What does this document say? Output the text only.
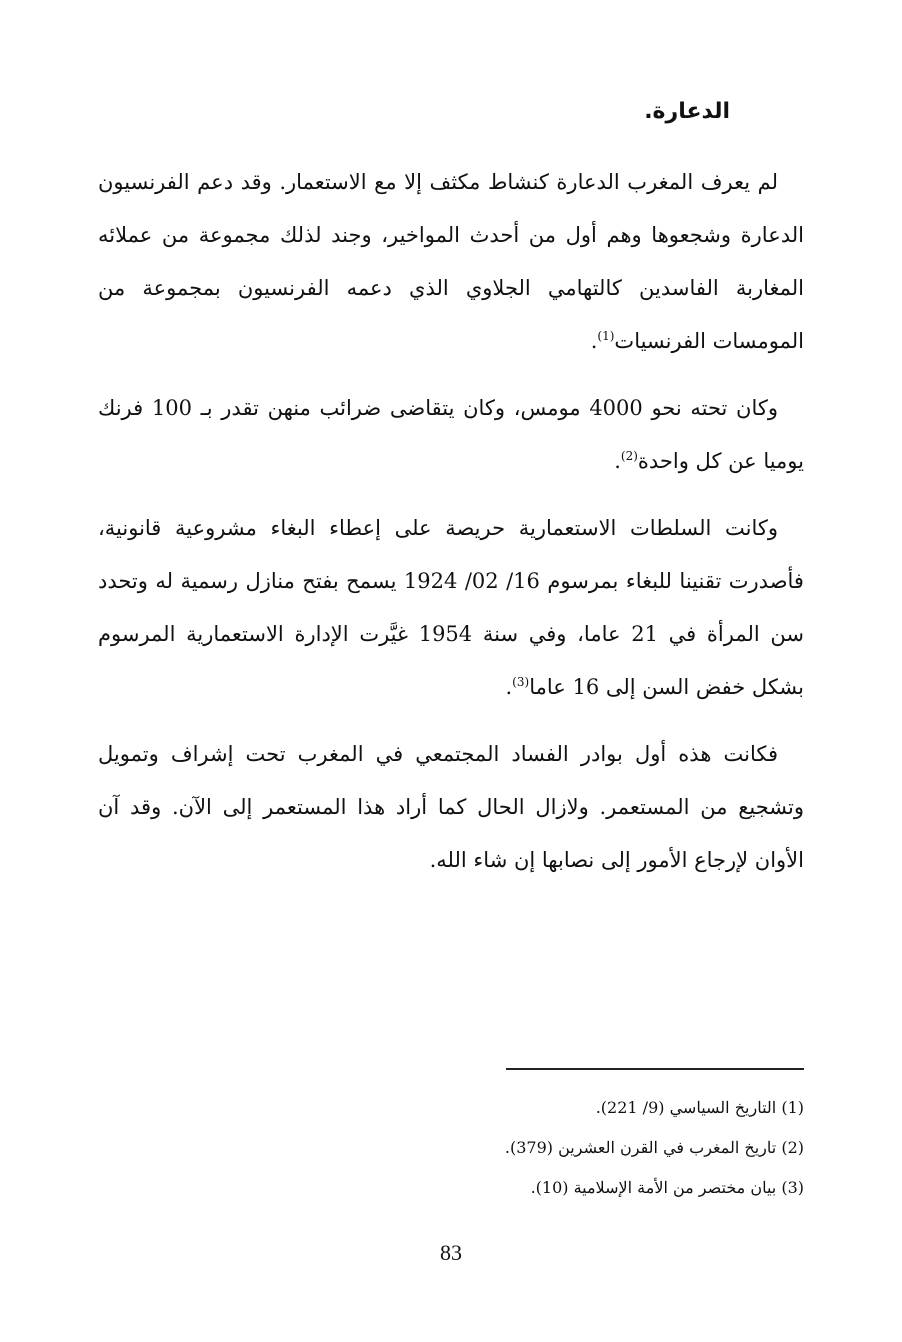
الدعارة.

لم يعرف المغرب الدعارة كنشاط مكثف إلا مع الاستعمار. وقد دعم الفرنسيون الدعارة وشجعوها وهم أول من أحدث المواخير، وجند لذلك مجموعة من عملائه المغاربة الفاسدين كالتهامي الجلاوي الذي دعمه الفرنسيون بمجموعة من المومسات الفرنسيات$^{(1)}$.

وكان تحته نحو 4000 مومس، وكان يتقاضى ضرائب منهن تقدر بـ 100 فرنك يوميا عن كل واحدة$^{(2)}$.

وكانت السلطات الاستعمارية حريصة على إعطاء البغاء مشروعية قانونية، فأصدرت تقنينا للبغاء بمرسوم 16/ 02/ 1924 يسمح بفتح منازل رسمية له وتحدد سن المرأة في 21 عاما، وفي سنة 1954 غيَّرت الإدارة الاستعمارية المرسوم بشكل خفض السن إلى 16 عاما$^{(3)}$.

فكانت هذه أول بوادر الفساد المجتمعي في المغرب تحت إشراف وتمويل وتشجيع من المستعمر. ولازال الحال كما أراد هذا المستعمر إلى الآن. وقد آن الأوان لإرجاع الأمور إلى نصابها إن شاء الله.

(1) التاريخ السياسي (9/ 221).

(2) تاريخ المغرب في القرن العشرين (379).

(3) بيان مختصر من الأمة الإسلامية (10).

83
